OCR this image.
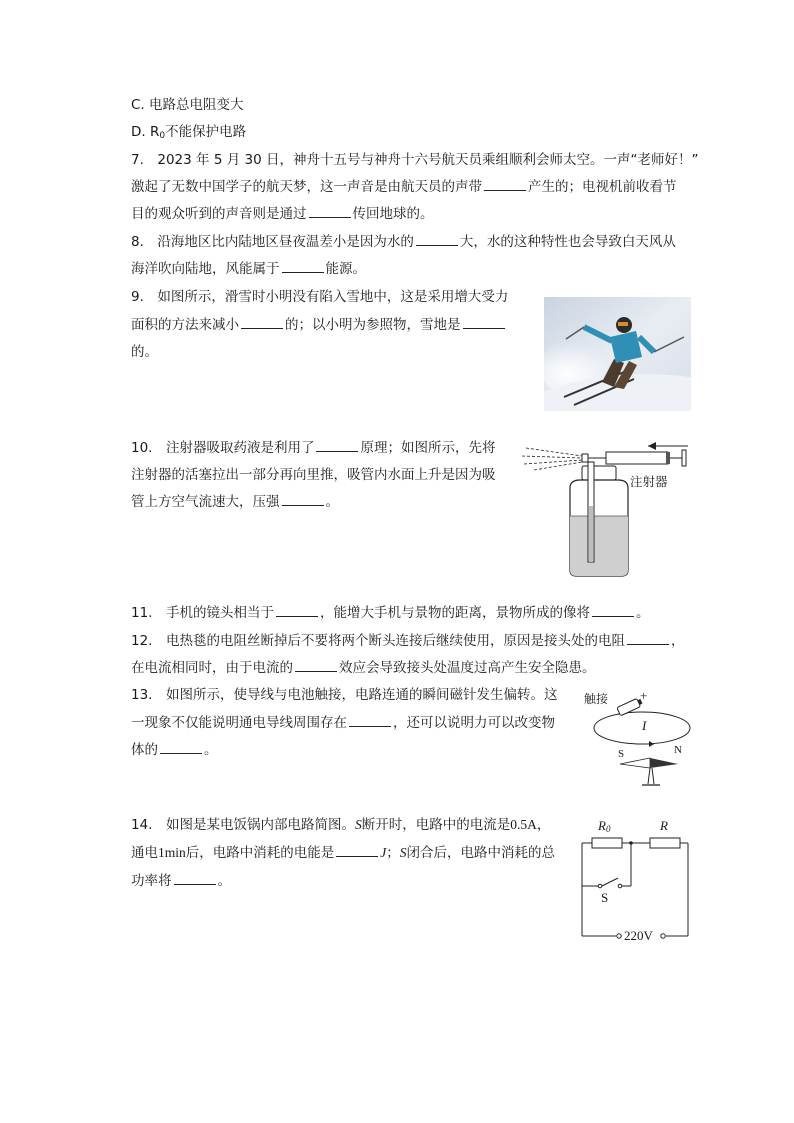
C. 电路总电阻变大
D. $R_0$不能保护电路
7.　2023 年 5 月 30 日，神舟十五号与神舟十六号航天员乘组顺利会师太空。一声“老师好！”
激起了无数中国学子的航天梦，这一声音是由航天员的声带	产生的；电视机前收看节
目的观众听到的声音则是通过	传回地球的。
8.　沿海地区比内陆地区昼夜温差小是因为水的	大，水的这种特性也会导致白天风从
海洋吹向陆地，风能属于	能源。
9.　如图所示，滑雪时小明没有陷入雪地中，这是采用增大受力
面积的方法来减小	的；以小明为参照物，雪地是
的。
10.　注射器吸取药液是利用了	原理；如图所示，先将
注射器的活塞拉出一部分再向里推，吸管内水面上升是因为吸
管上方空气流速大，压强	。
注射器
11.　手机的镜头相当于	，能增大手机与景物的距离，景物所成的像将	。
12.　电热毯的电阻丝断掉后不要将两个断头连接后继续使用，原因是接头处的电阻	，
在电流相同时，由于电流的	效应会导致接头处温度过高产生安全隐患。
13.　如图所示，使导线与电池触接，电路连通的瞬间磁针发生偏转。这
一现象不仅能说明通电导线周围存在	，还可以说明力可以改变物
体的	。
触接 +
I
S	N
14.　如图是某电饭锅内部电路简图。S断开时，电路中的电流是0.5A，
通电1min后，电路中消耗的电能是	J；S闭合后，电路中消耗的总
功率将	。
$R_0$	R
S
220V
